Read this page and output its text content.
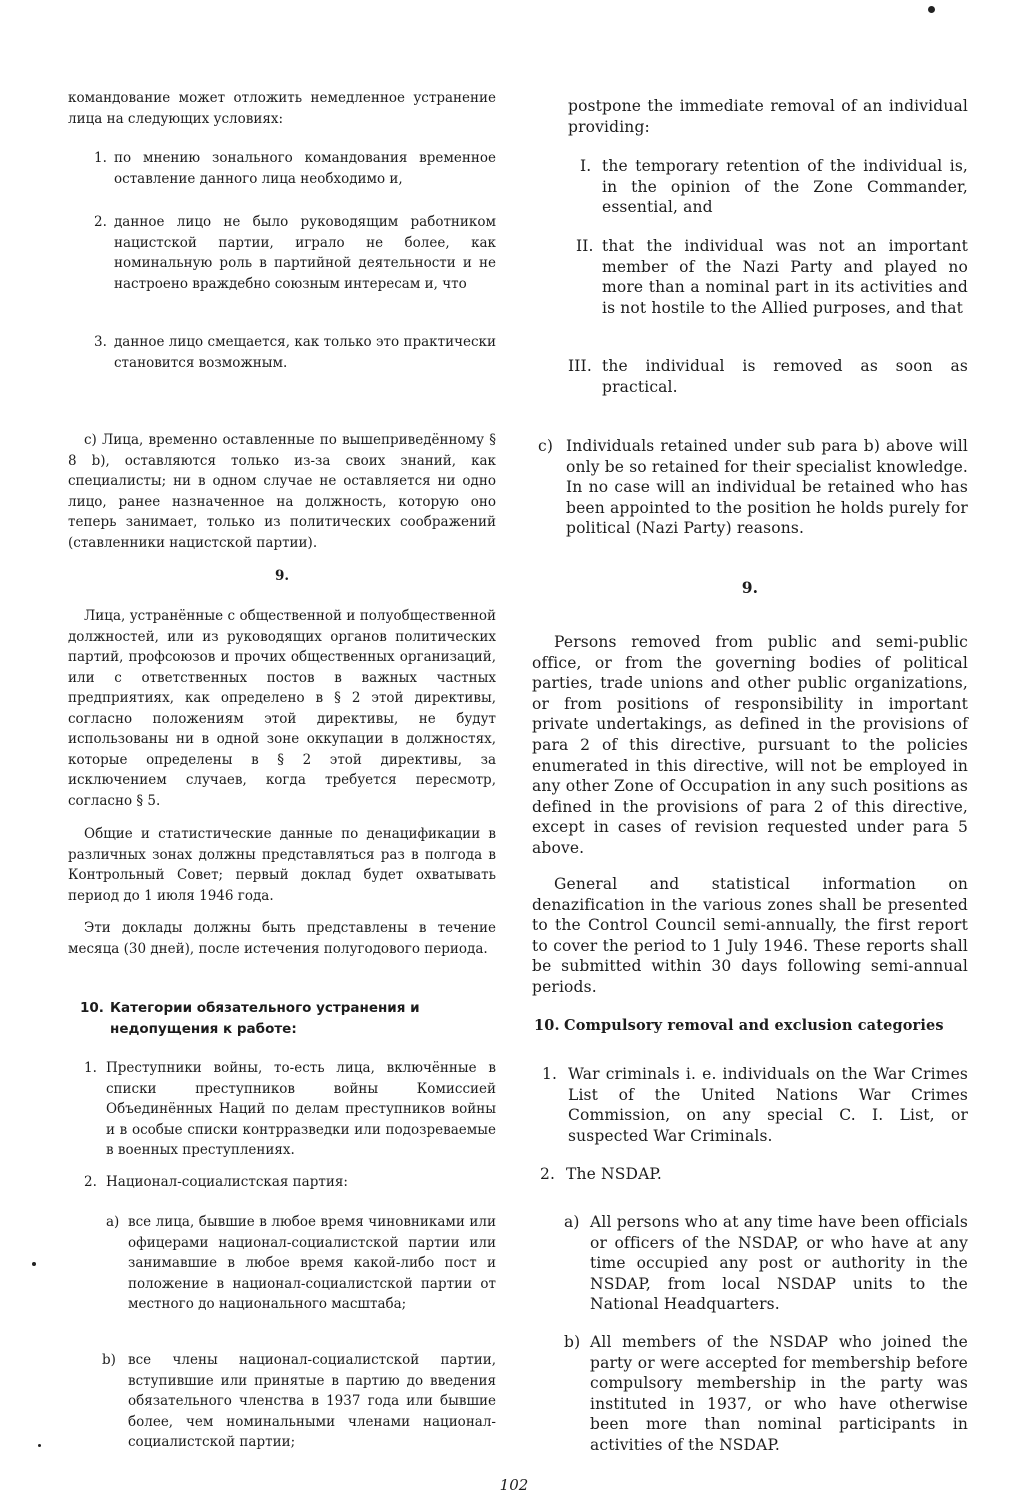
командование может отложить немедленное устранение лица на следующих условиях:

1. по мнению зонального командования временное оставление данного лица необходимо и,
2. данное лицо не было руководящим работником нацистской партии, играло не более, как номинальную роль в партийной деятельности и не настроено враждебно союзным интересам и, что
3. данное лицо смещается, как только это практически становится возможным.

c) Лица, временно оставленные по вышеприведённому § 8 b), оставляются только из-за своих знаний, как специалисты; ни в одном случае не оставляется ни одно лицо, ранее назначенное на должность, которую оно теперь занимает, только из политических соображений (ставленники нацистской партии).

9.

Лица, устранённые с общественной и полуобщественной должностей, или из руководящих органов политических партий, профсоюзов и прочих общественных организаций, или с ответственных постов в важных частных предприятиях, как определено в § 2 этой директивы, согласно положениям этой директивы, не будут использованы ни в одной зоне оккупации в должностях, которые определены в § 2 этой директивы, за исключением случаев, когда требуется пересмотр, согласно § 5.

Общие и статистические данные по денацификации в различных зонах должны представляться раз в полгода в Контрольный Совет; первый доклад будет охватывать период до 1 июля 1946 года.

Эти доклады должны быть представлены в течение месяца (30 дней), после истечения полугодового периода.

10. Категории обязательного устранения и недопущения к работе:
1. Преступники войны, то-есть лица, включённые в списки преступников войны Комиссией Объединённых Наций по делам преступников войны и в особые списки контрразведки или подозреваемые в военных преступлениях.
2. Национал-социалистская партия:
a) все лица, бывшие в любое время чиновниками или офицерами национал-социалистской партии или занимавшие в любое время какой-либо пост и положение в национал-социалистской партии от местного до национального масштаба;
b) все члены национал-социалистской партии, вступившие или принятые в партию до введения обязательного членства в 1937 года или бывшие более, чем номинальными членами национал-социалистской партии;

postpone the immediate removal of an individual providing:

I. the temporary retention of the individual is, in the opinion of the Zone Commander, essential, and
II. that the individual was not an important member of the Nazi Party and played no more than a nominal part in its activities and is not hostile to the Allied purposes, and that
III. the individual is removed as soon as practical.
c) Individuals retained under sub para b) above will only be so retained for their specialist knowledge. In no case will an individual be retained who has been appointed to the position he holds purely for political (Nazi Party) reasons.

9.

Persons removed from public and semi-public office, or from the governing bodies of political parties, trade unions and other public organizations, or from positions of responsibility in important private undertakings, as defined in the provisions of para 2 of this directive, pursuant to the policies enumerated in this directive, will not be employed in any other Zone of Occupation in any such positions as defined in the provisions of para 2 of this directive, except in cases of revision requested under para 5 above.

General and statistical information on denazification in the various zones shall be presented to the Control Council semi-annually, the first report to cover the period to 1 July 1946. These reports shall be submitted within 30 days following semi-annual periods.

10. Compulsory removal and exclusion categories
1. War criminals i. e. individuals on the War Crimes List of the United Nations War Crimes Commission, on any special C. I. List, or suspected War Criminals.
2. The NSDAP.
a) All persons who at any time have been officials or officers of the NSDAP, or who have at any time occupied any post or authority in the NSDAP, from local NSDAP units to the National Headquarters.
b) All members of the NSDAP who joined the party or were accepted for membership before compulsory membership in the party was instituted in 1937, or who have otherwise been more than nominal participants in activities of the NSDAP.
102
